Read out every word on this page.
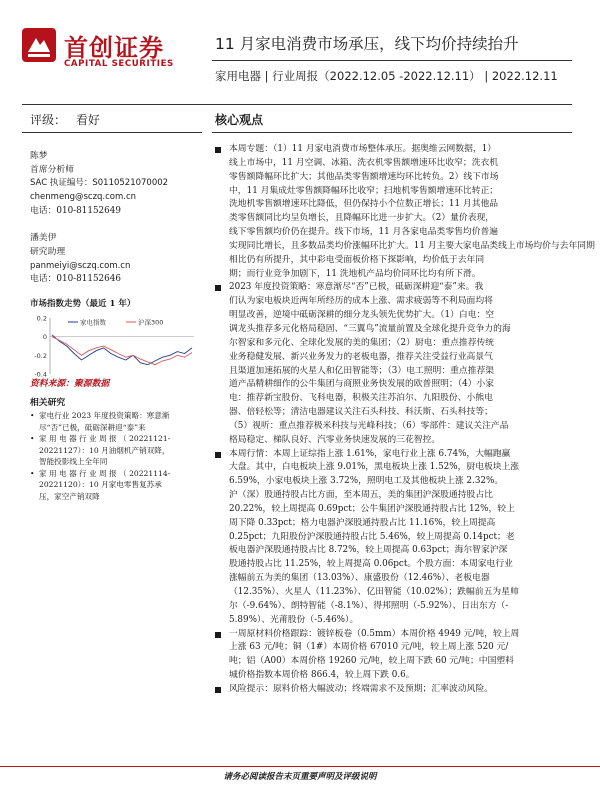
首创证券
CAPITAL SECURITIES
11 月家电消费市场承压，线下均价持续抬升
家用电器 | 行业周报（2022.12.05 -2022.12.11） | 2022.12.11
评级： 看好	核心观点
陈梦
首席分析师
SAC 执证编号：S0110521070002
chenmeng@sczq.com.cn
电话：010-81152649
潘美伊
研究助理
panmeiyi@sczq.com.cn
电话：010-81152646
市场指数走势（最近 1 年）
0.2
0
-0.2
-0.4
家电指数	沪深300
资料来源：聚源数据
相关研究
• 家电行业 2023 年度投资策略：寒意渐
尽“否”已极，砥砺深耕迎“泰”来
• 家 用 电 器 行 业 周 报 （ 20221121-
20221127）：10 月油烟机产销双降，
智能投影线上全年同
• 家 用 电 器 行 业 周 报 （ 20221114-
20221120）：10 月家电零售复苏承
压，家空产销双降
本周专题：（1）11 月家电消费市场整体承压。据奥维云网数据，1）
线上市场中，11 月空调、冰箱、洗衣机零售额增速环比收窄；洗衣机
零售额降幅环比扩大；其他品类零售额增速均环比转负。2）线下市场
中，11 月集成灶零售额降幅环比收窄；扫地机零售额增速环比转正；
洗地机零售额增速环比降低，但仍保持小个位数正增长；11 月其他品
类零售额同比均呈负增长，且降幅环比进一步扩大。（2）量价表现，
线下零售额均价仍在提升。线下市场，11 月各家电品类零售均价普遍
实现同比增长，且多数品类均价涨幅环比扩大。11 月主要大家电品类线上市场均价与去年同期
相比仍有所提升，其中彩电受面板价格下探影响，均价低于去年同
期；而行业竞争加剧下，11 洗地机产品均价同环比均有所下滑。
2023 年度投资策略：寒意渐尽“否”已极，砥砺深耕迎“泰”来。我
们认为家电板块近两年所经历的成本上涨、需求疲弱等不利局面均将
明显改善，逆境中砥砺深耕的细分龙头领先优势扩大。（1）白电：空
调龙头推荐多元化格局稳固、“三翼鸟”流量前置及全球化提升竞争力的海
尔智家和多元化、全球化发展的美的集团；（2）厨电：重点推荐传统
业务稳健发展、新兴业务发力的老板电器，推荐关注受益行业高景气
且渠道加速拓展的火星人和亿田智能等；（3）电工照明：重点推荐渠
道产品精耕细作的公牛集团与商照业务快发展的欧普照明；（4）小家
电：推荐新宝股份、飞科电器，积极关注苏泊尔、九阳股份、小熊电
器、倍轻松等；清洁电器建议关注石头科技、科沃斯、石头科技等；
（5）视听：重点推荐极米科技与光峰科技；（6）零部件：建议关注产品
格局稳定、梯队良好、汽零业务快速发展的三花智控。
本周行情：本周上证综指上涨 1.61%，家电行业上涨 6.74%，大幅跑赢
大盘。其中，白电板块上涨 9.01%，黑电板块上涨 1.52%，厨电板块上涨
6.59%，小家电板块上涨 3.72%，照明电工及其他板块上涨 2.32%。
沪（深）股通持股占比方面，至本周五，美的集团沪深股通持股占比
20.22%，较上周提高 0.69pct；公牛集团沪深股通持股占比 12%，较上
周下降 0.33pct；格力电器沪深股通持股占比 11.16%，较上周提高
0.25pct；九阳股份沪深股通持股占比 5.46%，较上周提高 0.14pct；老
板电器沪深股通持股占比 8.72%，较上周提高 0.63pct；海尔智家沪深
股通持股占比 11.25%，较上周提高 0.06pct。个股方面：本周家电行业
涨幅前五为美的集团（13.03%）、康盛股份（12.46%）、老板电器
（12.35%）、火星人（11.23%）、亿田智能（10.02%）；跌幅前五为星帅
尔（-9.64%）、朗特智能（-8.1%）、得邦照明（-5.92%）、日出东方（-
5.89%）、光莆股份（-5.46%）。
一周原材料价格跟踪：镀锌板卷（0.5mm）本周价格 4949 元/吨，较上周
上涨 63 元/吨；铜（1#）本周价格 67010 元/吨，较上周上涨 520 元/
吨；铝（A00）本周价格 19260 元/吨，较上周下跌 60 元/吨；中国塑料
城价格指数本周价格 866.4，较上周下跌 0.6。
风险提示：原料价格大幅波动；终端需求不及预期；汇率波动风险。
请务必阅读报告末页重要声明及评级说明
